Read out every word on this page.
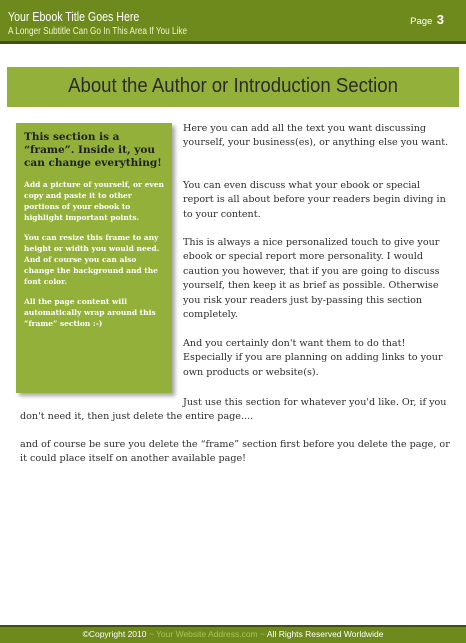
Your Ebook Title Goes Here
A Longer Subtitle Can Go In This Area If You Like
Page 3
About the Author or Introduction Section

This section is a “frame”. Inside it, you can change everything!

Add a picture of yourself, or even copy and paste it to other portions of your ebook to highlight important points.

You can resize this frame to any height or width you would need. And of course you can also change the background and the font color.

All the page content will automatically wrap around this “frame” section :-)

Here you can add all the text you want discussing yourself, your business(es), or anything else you want.

You can even discuss what your ebook or special report is all about before your readers begin diving in to your content.

This is always a nice personalized touch to give your ebook or special report more personality. I would caution you however, that if you are going to discuss yourself, then keep it as brief as possible. Otherwise you risk your readers just by-passing this section completely.

And you certainly don't want them to do that! Especially if you are planning on adding links to your own products or website(s).

Just use this section for whatever you'd like. Or, if you don't need it, then just delete the entire page....

and of course be sure you delete the “frame” section first before you delete the page, or it could place itself on another available page!

©Copyright 2010 ~ Your Website Address.com ~ All Rights Reserved Worldwide
